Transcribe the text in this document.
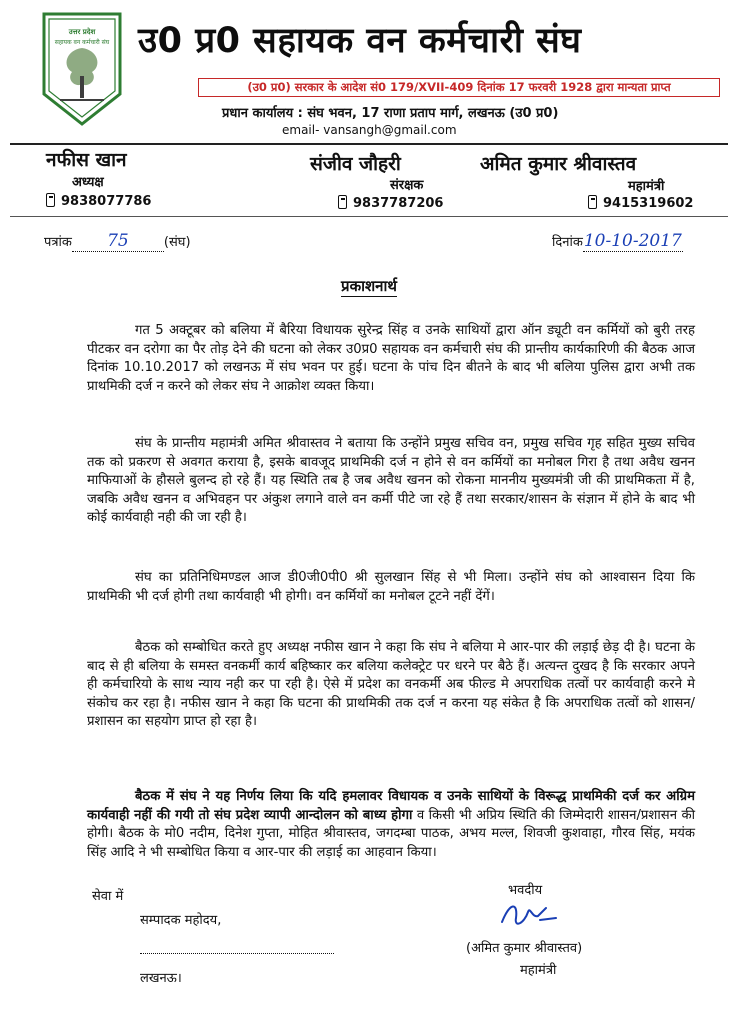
उत्तर प्रदेश
सहायक वन कर्मचारी संघ उ0 प्र0 सहायक वन कर्मचारी संघ
(उ0 प्र0) सरकार के आदेश सं0 179/XVII-409 दिनांक 17 फरवरी 1928 द्वारा मान्यता प्राप्त
प्रधान कार्यालय : संघ भवन, 17 राणा प्रताप मार्ग, लखनऊ (उ0 प्र0)
email- vansangh@gmail.com
नफीस खान
अध्यक्ष
9838077786
संजीव जौहरी
संरक्षक
9837787206
अमित कुमार श्रीवास्तव
महामंत्री
9415319602
पत्रांक 75	(संघ)	दिनांक10-10-2017
प्रकाशनार्थ
गत 5 अक्टूबर को बलिया में बैरिया विधायक सुरेन्द्र सिंह व उनके साथियों द्वारा ऑन ड्यूटी वन कर्मियों को बुरी तरह पीटकर वन दरोगा का पैर तोड़ देने की घटना को लेकर उ0प्र0 सहायक वन कर्मचारी संघ की प्रान्तीय कार्यकारिणी की बैठक आज दिनांक 10.10.2017 को लखनऊ में संघ भवन पर हुई। घटना के पांच दिन बीतने के बाद भी बलिया पुलिस द्वारा अभी तक प्राथमिकी दर्ज न करने को लेकर संघ ने आक्रोश व्यक्त किया।
संघ के प्रान्तीय महामंत्री अमित श्रीवास्तव ने बताया कि उन्होंने प्रमुख सचिव वन, प्रमुख सचिव गृह सहित मुख्य सचिव तक को प्रकरण से अवगत कराया है, इसके बावजूद प्राथमिकी दर्ज न होने से वन कर्मियों का मनोबल गिरा है तथा अवैध खनन माफियाओं के हौसले बुलन्द हो रहे हैं। यह स्थिति तब है जब अवैध खनन को रोकना माननीय मुख्यमंत्री जी की प्राथमिकता में है, जबकि अवैध खनन व अभिवहन पर अंकुश लगाने वाले वन कर्मी पीटे जा रहे हैं तथा सरकार/शासन के संज्ञान में होने के बाद भी कोई कार्यवाही नही की जा रही है।
संघ का प्रतिनिधिमण्डल आज डी0जी0पी0 श्री सुलखान सिंह से भी मिला। उन्होंने संघ को आश्वासन दिया कि प्राथमिकी भी दर्ज होगी तथा कार्यवाही भी होगी। वन कर्मियों का मनोबल टूटने नहीं देंगें।
बैठक को सम्बोधित करते हुए अध्यक्ष नफीस खान ने कहा कि संघ ने बलिया मे आर-पार की लड़ाई छेड़ दी है। घटना के बाद से ही बलिया के समस्त वनकर्मी कार्य बहिष्कार कर बलिया कलेक्ट्रेट पर धरने पर बैठे हैं। अत्यन्त दुखद है कि सरकार अपने ही कर्मचारियो के साथ न्याय नही कर पा रही है। ऐसे में प्रदेश का वनकर्मी अब फील्ड मे अपराधिक तत्वों पर कार्यवाही करने मे संकोच कर रहा है। नफीस खान ने कहा कि घटना की प्राथमिकी तक दर्ज न करना यह संकेत है कि अपराधिक तत्वों को शासन/प्रशासन का सहयोग प्राप्त हो रहा है।
बैठक में संघ ने यह निर्णय लिया कि यदि हमलावर विधायक व उनके साथियों के विरूद्ध प्राथमिकी दर्ज कर अग्रिम कार्यवाही नहीं की गयी तो संघ प्रदेश व्यापी आन्दोलन को बाध्य होगा व किसी भी अप्रिय स्थिति की जिम्मेदारी शासन/प्रशासन की होगी। बैठक के मो0 नदीम, दिनेश गुप्ता, मोहित श्रीवास्तव, जगदम्बा पाठक, अभय मल्ल, शिवजी कुशवाहा, गौरव सिंह, मयंक सिंह आदि ने भी सम्बोधित किया व आर-पार की लड़ाई का आहवान किया।
सेवा में
सम्पादक महोदय,
लखनऊ।
भवदीय
(अमित कुमार श्रीवास्तव)
महामंत्री
